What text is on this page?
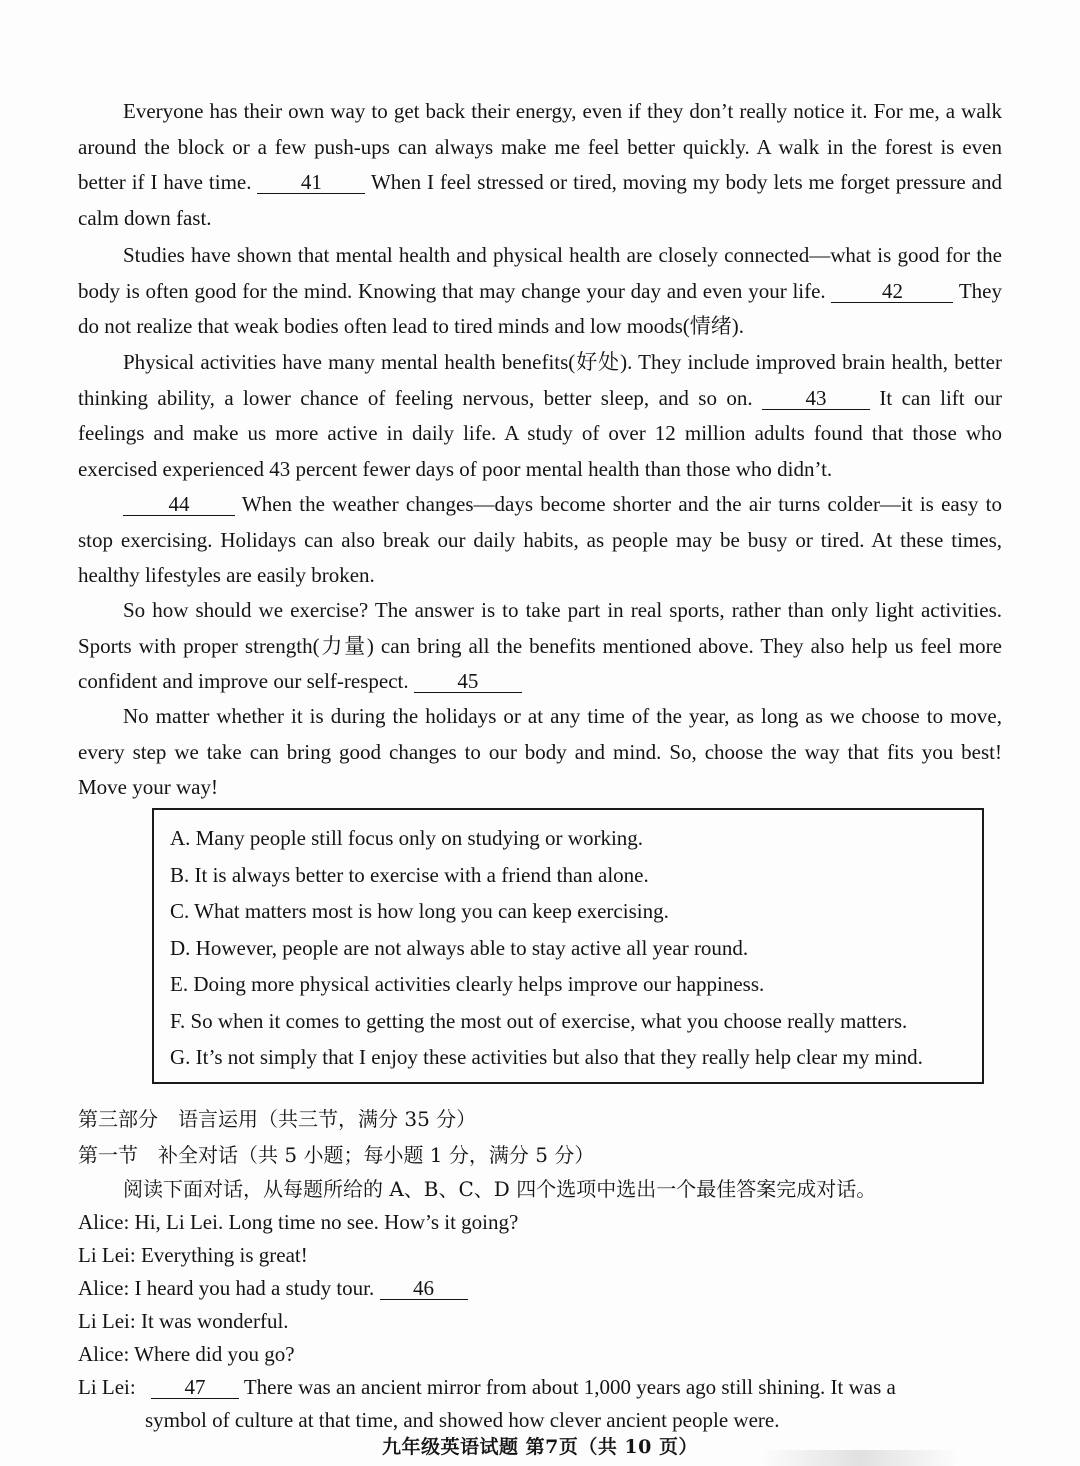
Everyone has their own way to get back their energy, even if they don’t really notice it. For me, a walk around the block or a few push-ups can always make me feel better quickly. A walk in the forest is even better if I have time. 41 When I feel stressed or tired, moving my body lets me forget pressure and calm down fast.

Studies have shown that mental health and physical health are closely connected—what is good for the body is often good for the mind. Knowing that may change your day and even your life. 42 They do not realize that weak bodies often lead to tired minds and low moods(情绪).

Physical activities have many mental health benefits(好处). They include improved brain health, better thinking ability, a lower chance of feeling nervous, better sleep, and so on. 43 It can lift our feelings and make us more active in daily life. A study of over 12 million adults found that those who exercised experienced 43 percent fewer days of poor mental health than those who didn’t.

44 When the weather changes—days become shorter and the air turns colder—it is easy to stop exercising. Holidays can also break our daily habits, as people may be busy or tired. At these times, healthy lifestyles are easily broken.

So how should we exercise? The answer is to take part in real sports, rather than only light activities. Sports with proper strength(力量) can bring all the benefits mentioned above. They also help us feel more confident and improve our self-respect. 45

No matter whether it is during the holidays or at any time of the year, as long as we choose to move, every step we take can bring good changes to our body and mind. So, choose the way that fits you best! Move your way!

A. Many people still focus only on studying or working.
B. It is always better to exercise with a friend than alone.
C. What matters most is how long you can keep exercising.
D. However, people are not always able to stay active all year round.
E. Doing more physical activities clearly helps improve our happiness.
F. So when it comes to getting the most out of exercise, what you choose really matters.
G. It’s not simply that I enjoy these activities but also that they really help clear my mind.
第三部分　语言运用（共三节，满分 35 分）
第一节　补全对话（共 5 小题；每小题 1 分，满分 5 分）
阅读下面对话，从每题所给的 A、B、C、D 四个选项中选出一个最佳答案完成对话。
Alice: Hi, Li Lei. Long time no see. How’s it going?
Li Lei: Everything is great!
Alice: I heard you had a study tour. 46
Li Lei: It was wonderful.
Alice: Where did you go?
Li Lei: 47 There was an ancient mirror from about 1,000 years ago still shining. It was a
symbol of culture at that time, and showed how clever ancient people were.
九年级英语试题 第7页（共 10 页）
